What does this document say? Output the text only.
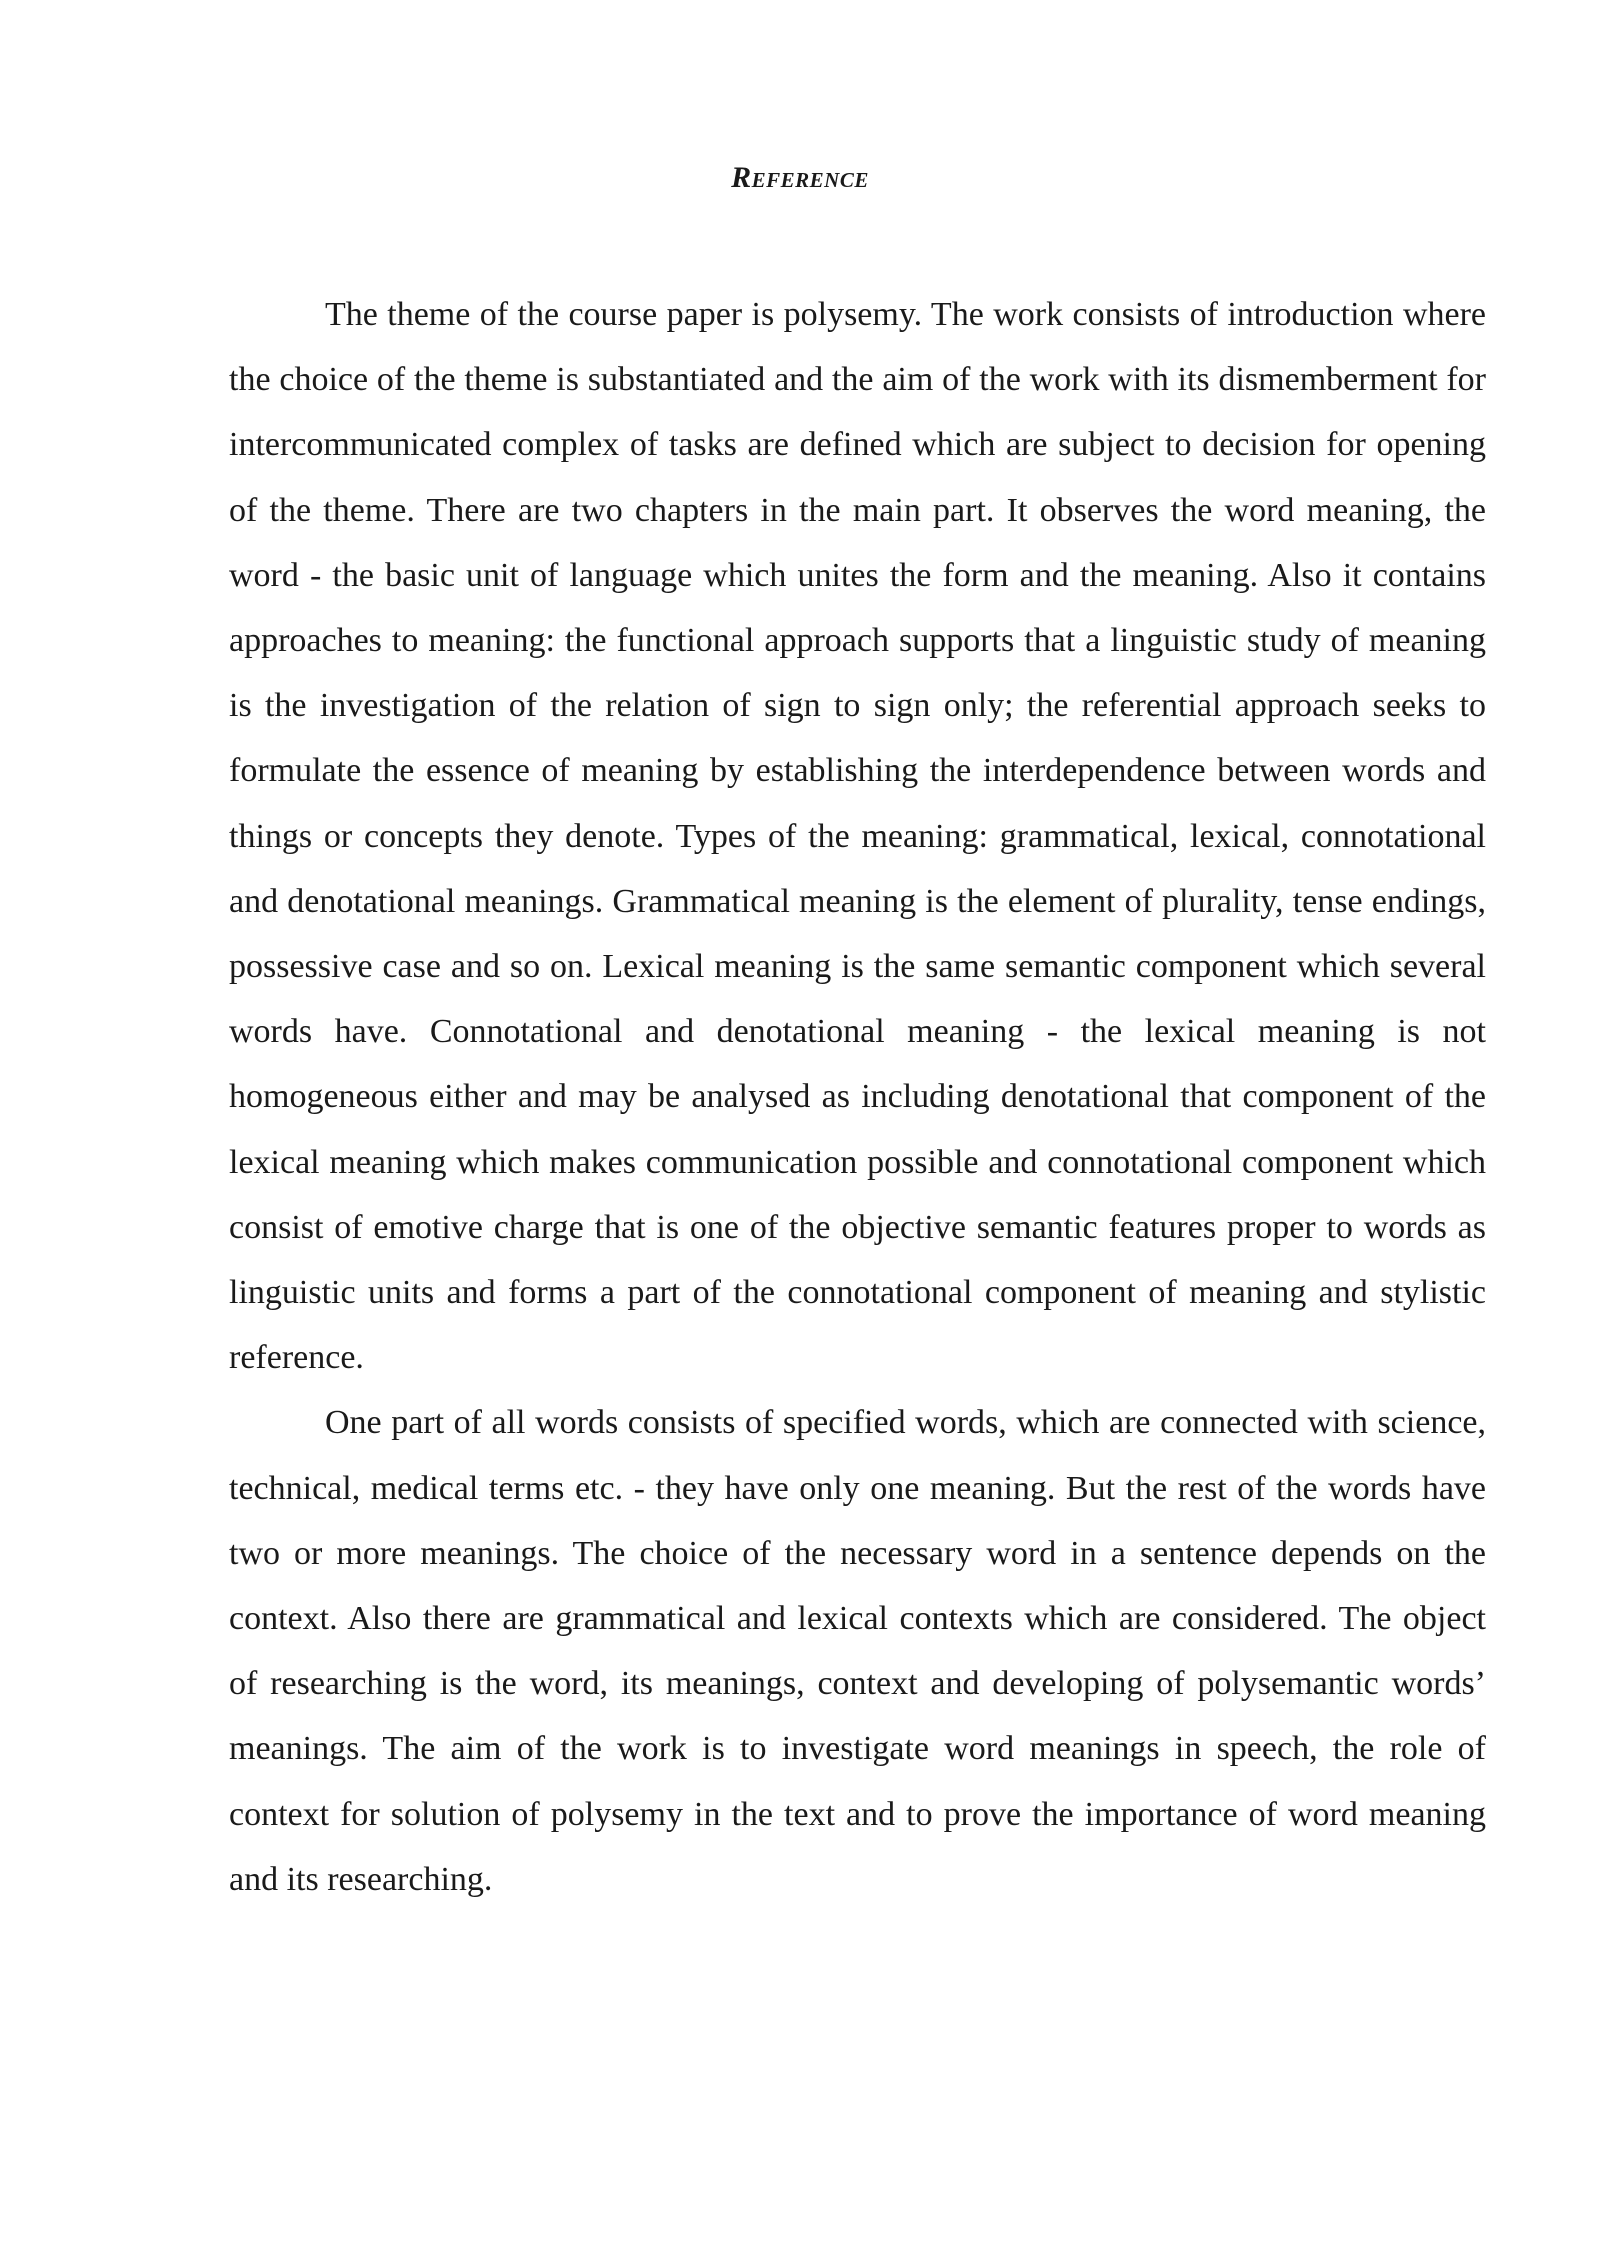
Reference

The theme of the course paper is polysemy. The work consists of introduction where the choice of the theme is substantiated and the aim of the work with its dismemberment for intercommunicated complex of tasks are defined which are subject to decision for opening of the theme. There are two chapters in the main part. It observes the word meaning, the word - the basic unit of language which unites the form and the meaning. Also it contains approaches to meaning: the functional approach supports that a linguistic study of meaning is the investigation of the relation of sign to sign only; the referential approach seeks to formulate the essence of meaning by establishing the interdependence between words and things or concepts they denote. Types of the meaning: grammatical, lexical, connotational and denotational meanings. Grammatical meaning is the element of plurality, tense endings, possessive case and so on. Lexical meaning is the same semantic component which several words have. Connotational and denotational meaning - the lexical meaning is not homogeneous either and may be analysed as including denotational that component of the lexical meaning which makes communication possible and connotational component which consist of emotive charge that is one of the objective semantic features proper to words as linguistic units and forms a part of the connotational component of meaning and stylistic reference.

One part of all words consists of specified words, which are connected with science, technical, medical terms etc. - they have only one meaning. But the rest of the words have two or more meanings. The choice of the necessary word in a sentence depends on the context. Also there are grammatical and lexical contexts which are considered. The object of researching is the word, its meanings, context and developing of polysemantic words’ meanings. The aim of the work is to investigate word meanings in speech, the role of context for solution of polysemy in the text and to prove the importance of word meaning and its researching.
